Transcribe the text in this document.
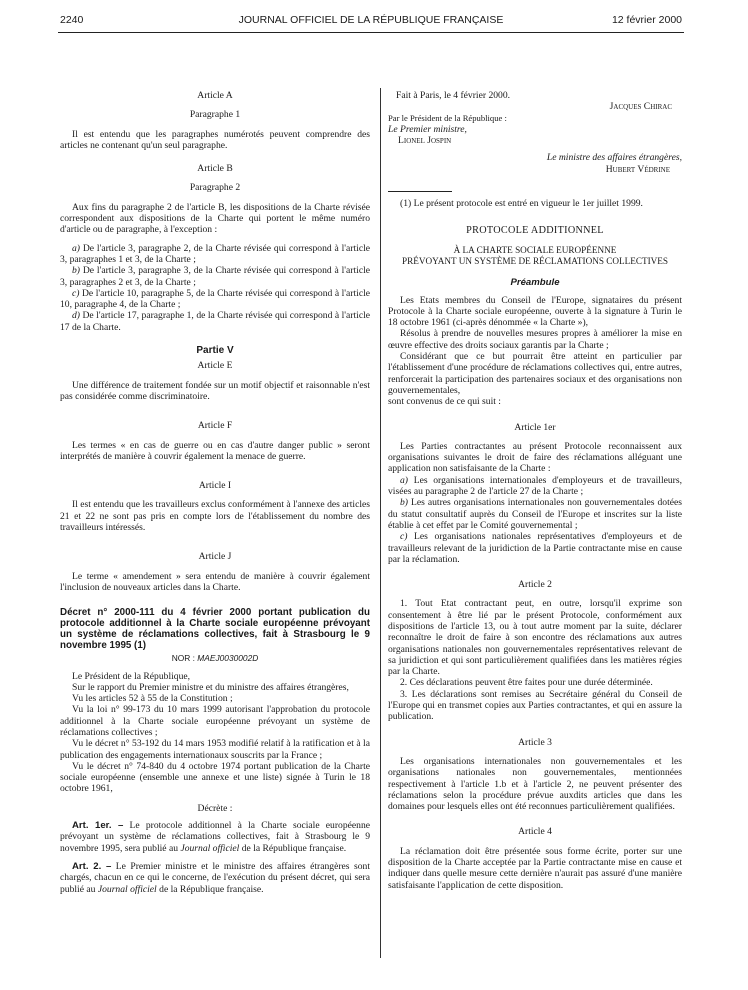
2240	JOURNAL OFFICIEL DE LA RÉPUBLIQUE FRANÇAISE	12 février 2000

Article A

Paragraphe 1

Il est entendu que les paragraphes numérotés peuvent comprendre des articles ne contenant qu'un seul paragraphe.

Article B

Paragraphe 2

Aux fins du paragraphe 2 de l'article B, les dispositions de la Charte révisée correspondent aux dispositions de la Charte qui portent le même numéro d'article ou de paragraphe, à l'exception :

a) De l'article 3, paragraphe 2, de la Charte révisée qui correspond à l'article 3, paragraphes 1 et 3, de la Charte ;

b) De l'article 3, paragraphe 3, de la Charte révisée qui correspond à l'article 3, paragraphes 2 et 3, de la Charte ;

c) De l'article 10, paragraphe 5, de la Charte révisée qui correspond à l'article 10, paragraphe 4, de la Charte ;

d) De l'article 17, paragraphe 1, de la Charte révisée qui correspond à l'article 17 de la Charte.

Partie V

Article E

Une différence de traitement fondée sur un motif objectif et raisonnable n'est pas considérée comme discriminatoire.

Article F

Les termes « en cas de guerre ou en cas d'autre danger public » seront interprétés de manière à couvrir également la menace de guerre.

Article I

Il est entendu que les travailleurs exclus conformément à l'annexe des articles 21 et 22 ne sont pas pris en compte lors de l'établissement du nombre des travailleurs intéressés.

Article J

Le terme « amendement » sera entendu de manière à couvrir également l'inclusion de nouveaux articles dans la Charte.

Décret n° 2000-111 du 4 février 2000 portant publication du protocole additionnel à la Charte sociale européenne prévoyant un système de réclamations collectives, fait à Strasbourg le 9 novembre 1995 (1)

NOR : MAEJ0030002D

Le Président de la République,

Sur le rapport du Premier ministre et du ministre des affaires étrangères,

Vu les articles 52 à 55 de la Constitution ;

Vu la loi n° 99-173 du 10 mars 1999 autorisant l'approbation du protocole additionnel à la Charte sociale européenne prévoyant un système de réclamations collectives ;

Vu le décret n° 53-192 du 14 mars 1953 modifié relatif à la ratification et à la publication des engagements internationaux souscrits par la France ;

Vu le décret n° 74-840 du 4 octobre 1974 portant publication de la Charte sociale européenne (ensemble une annexe et une liste) signée à Turin le 18 octobre 1961,

Décrète :

Art. 1er. – Le protocole additionnel à la Charte sociale européenne prévoyant un système de réclamations collectives, fait à Strasbourg le 9 novembre 1995, sera publié au Journal officiel de la République française.

Art. 2. – Le Premier ministre et le ministre des affaires étrangères sont chargés, chacun en ce qui le concerne, de l'exécution du présent décret, qui sera publié au Journal officiel de la République française.

Fait à Paris, le 4 février 2000.

Jacques Chirac

Par le Président de la République :

Le Premier ministre,

Lionel Jospin

Le ministre des affaires étrangères,

Hubert Védrine

(1) Le présent protocole est entré en vigueur le 1er juillet 1999.

PROTOCOLE ADDITIONNEL

À LA CHARTE SOCIALE EUROPÉENNE

PRÉVOYANT UN SYSTÈME DE RÉCLAMATIONS COLLECTIVES

Préambule

Les Etats membres du Conseil de l'Europe, signataires du présent Protocole à la Charte sociale européenne, ouverte à la signature à Turin le 18 octobre 1961 (ci-après dénommée « la Charte »),

Résolus à prendre de nouvelles mesures propres à améliorer la mise en œuvre effective des droits sociaux garantis par la Charte ;

Considérant que ce but pourrait être atteint en particulier par l'établissement d'une procédure de réclamations collectives qui, entre autres, renforcerait la participation des partenaires sociaux et des organisations non gouvernementales,

sont convenus de ce qui suit :

Article 1er

Les Parties contractantes au présent Protocole reconnaissent aux organisations suivantes le droit de faire des réclamations alléguant une application non satisfaisante de la Charte :

a) Les organisations internationales d'employeurs et de travailleurs, visées au paragraphe 2 de l'article 27 de la Charte ;

b) Les autres organisations internationales non gouvernementales dotées du statut consultatif auprès du Conseil de l'Europe et inscrites sur la liste établie à cet effet par le Comité gouvernemental ;

c) Les organisations nationales représentatives d'employeurs et de travailleurs relevant de la juridiction de la Partie contractante mise en cause par la réclamation.

Article 2

1. Tout Etat contractant peut, en outre, lorsqu'il exprime son consentement à être lié par le présent Protocole, conformément aux dispositions de l'article 13, ou à tout autre moment par la suite, déclarer reconnaître le droit de faire à son encontre des réclamations aux autres organisations nationales non gouvernementales représentatives relevant de sa juridiction et qui sont particulièrement qualifiées dans les matières régies par la Charte.

2. Ces déclarations peuvent être faites pour une durée déterminée.

3. Les déclarations sont remises au Secrétaire général du Conseil de l'Europe qui en transmet copies aux Parties contractantes, et qui en assure la publication.

Article 3

Les organisations internationales non gouvernementales et les organisations nationales non gouvernementales, mentionnées respectivement à l'article 1.b et à l'article 2, ne peuvent présenter des réclamations selon la procédure prévue auxdits articles que dans les domaines pour lesquels elles ont été reconnues particulièrement qualifiées.

Article 4

La réclamation doit être présentée sous forme écrite, porter sur une disposition de la Charte acceptée par la Partie contractante mise en cause et indiquer dans quelle mesure cette dernière n'aurait pas assuré d'une manière satisfaisante l'application de cette disposition.
